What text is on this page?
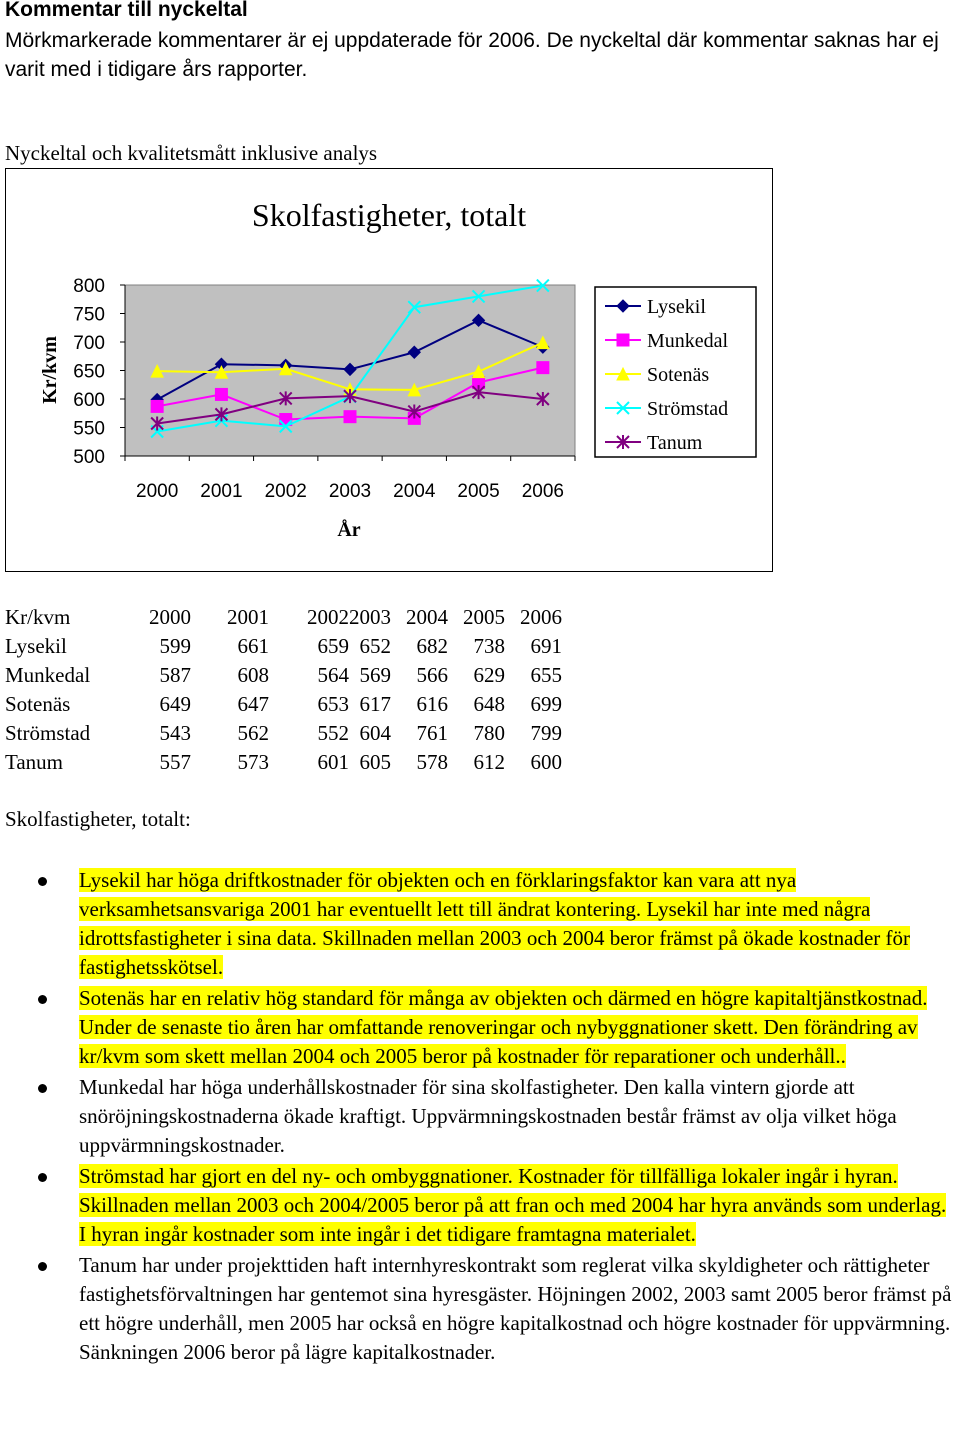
Kommentar till nyckeltal
Mörkmarkerade kommentarer är ej uppdaterade för 2006. De nyckeltal där kommentar saknas har ej varit med i tidigare års rapporter.
Nyckeltal och kvalitetsmått inklusive analys
Skolfastigheter, totalt
500
550
600
650
700
750
800
2000 2001 2002 2003 2004 2005 2006
År
Kr/kvm
Lysekil
Munkedal
Sotenäs
Strömstad
Tanum
Kr/kvm	2000	2001	2002	2003	2004	2005	2006
Lysekil	599	661	659	652	682	738	691
Munkedal	587	608	564	569	566	629	655
Sotenäs	649	647	653	617	616	648	699
Strömstad	543	562	552	604	761	780	799
Tanum	557	573	601	605	578	612	600
Skolfastigheter, totalt:
Lysekil har höga driftkostnader för objekten och en förklaringsfaktor kan vara att nya verksamhetsansvariga 2001 har eventuellt lett till ändrat kontering. Lysekil har inte med några idrottsfastigheter i sina data. Skillnaden mellan 2003 och 2004 beror främst på ökade kostnader för fastighetsskötsel.
Sotenäs har en relativ hög standard för många av objekten och därmed en högre kapitaltjänstkostnad. Under de senaste tio åren har omfattande renoveringar och nybyggnationer skett. Den förändring av kr/kvm som skett mellan 2004 och 2005 beror på kostnader för reparationer och underhåll..
Munkedal har höga underhållskostnader för sina skolfastigheter. Den kalla vintern gjorde att snöröjningskostnaderna ökade kraftigt. Uppvärmningskostnaden består främst av olja vilket höga uppvärmningskostnader.
Strömstad har gjort en del ny- och ombyggnationer. Kostnader för tillfälliga lokaler ingår i hyran. Skillnaden mellan 2003 och 2004/2005 beror på att fran och med 2004 har hyra används som underlag. I hyran ingår kostnader som inte ingår i det tidigare framtagna materialet.
Tanum har under projekttiden haft internhyreskontrakt som reglerat vilka skyldigheter och rättigheter fastighetsförvaltningen har gentemot sina hyresgäster. Höjningen 2002, 2003 samt 2005 beror främst på ett högre underhåll, men 2005 har också en högre kapitalkostnad och högre kostnader för uppvärmning. Sänkningen 2006 beror på lägre kapitalkostnader.
